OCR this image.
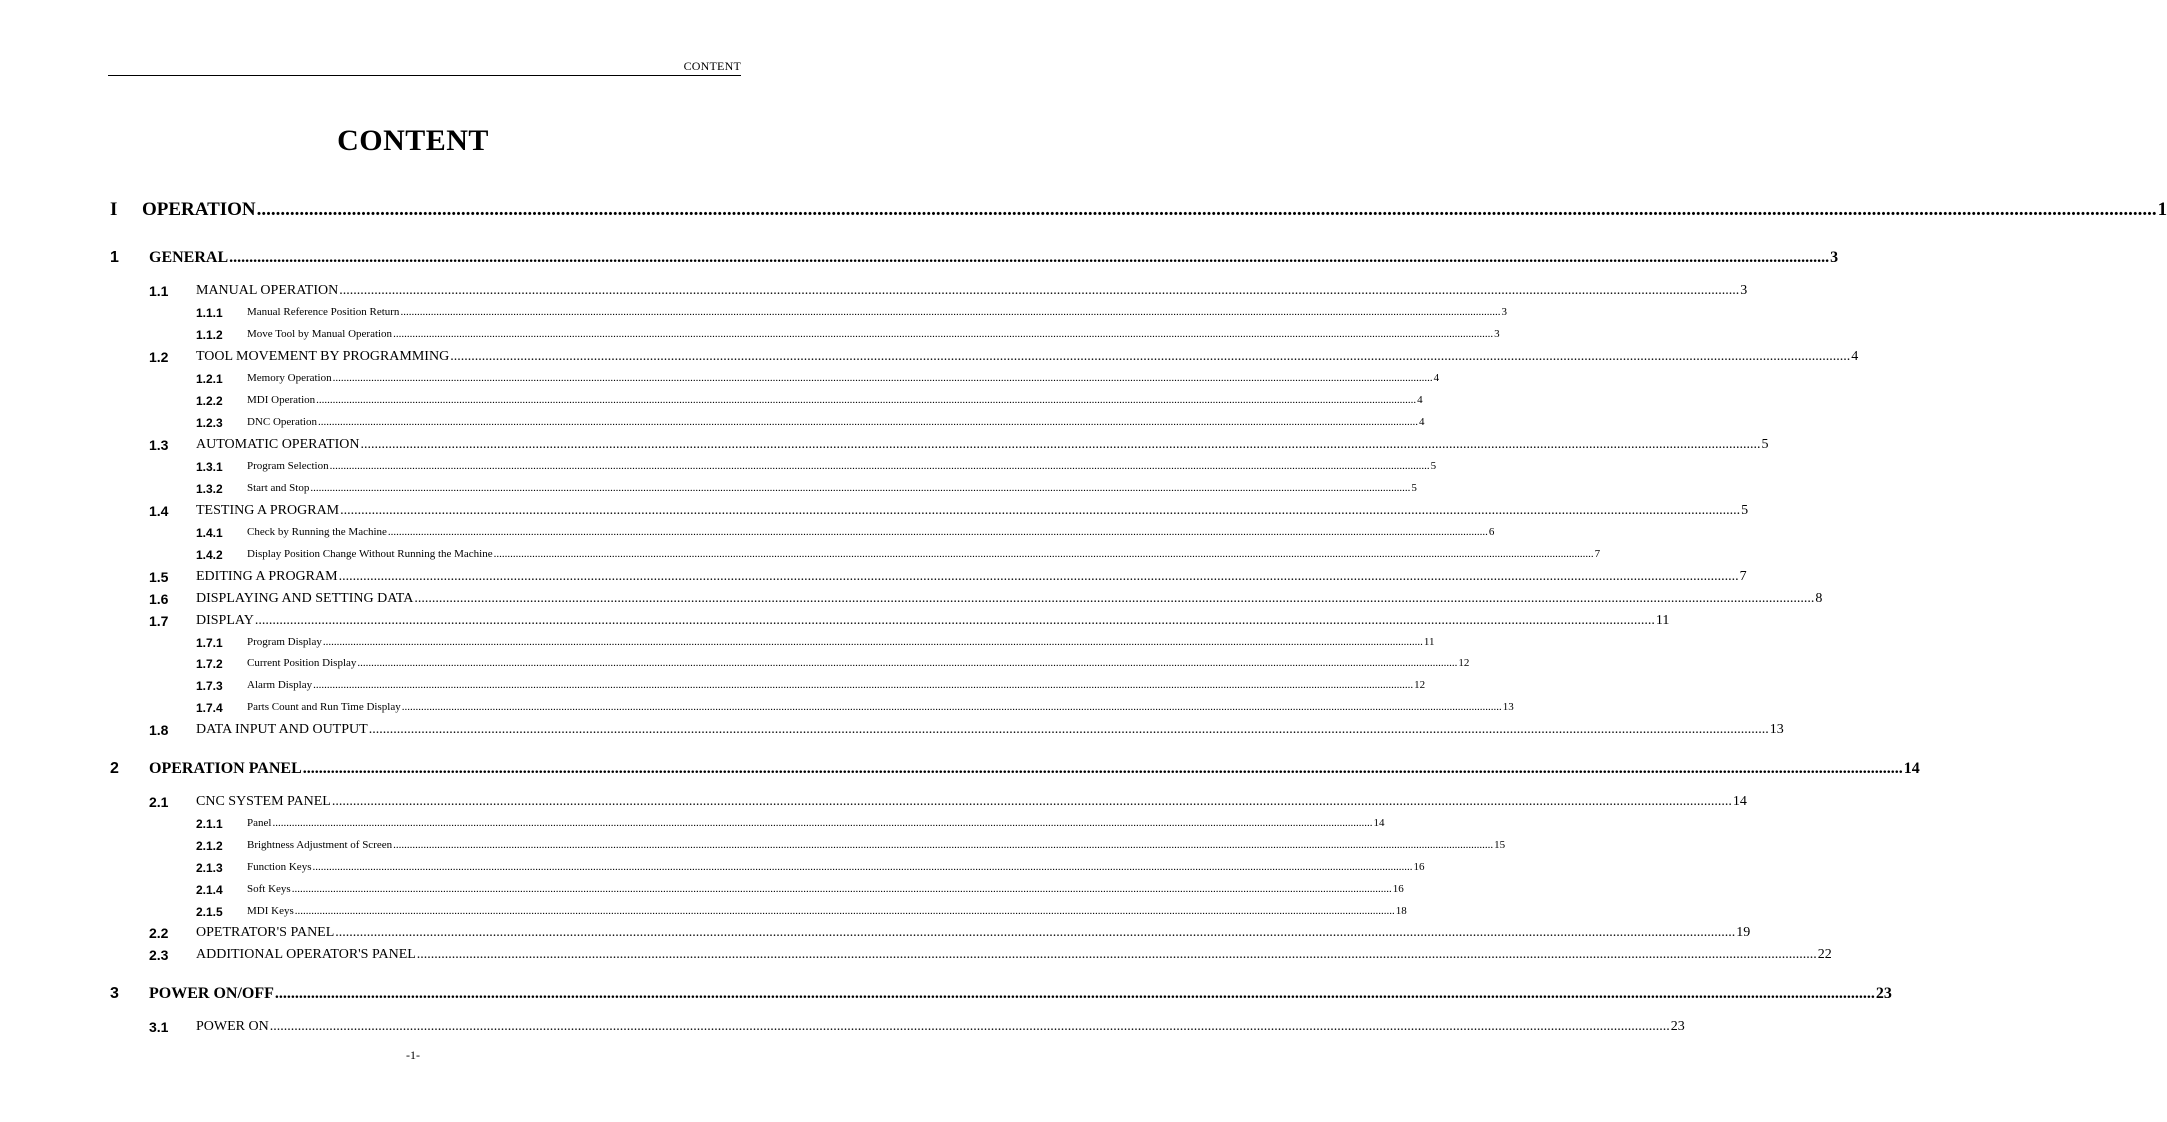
CONTENT
CONTENT
I OPERATION ................................................................................................................................................................................................................................................................................................................................................................................................................ 1
1 GENERAL ................................................................................................................................................................................................................................................................................................................................................................................................................ 3
1.1 MANUAL OPERATION ................................................................................................................................................................................................................................................................................................................................................................................................................ 3
1.1.1 Manual Reference Position Return ................................................................................................................................................................................................................................................................................................................................................................................................................ 3
1.1.2 Move Tool by Manual Operation ................................................................................................................................................................................................................................................................................................................................................................................................................ 3
1.2 TOOL MOVEMENT BY PROGRAMMING ................................................................................................................................................................................................................................................................................................................................................................................................................ 4
1.2.1 Memory Operation ................................................................................................................................................................................................................................................................................................................................................................................................................ 4
1.2.2 MDI Operation ................................................................................................................................................................................................................................................................................................................................................................................................................ 4
1.2.3 DNC Operation ................................................................................................................................................................................................................................................................................................................................................................................................................ 4
1.3 AUTOMATIC OPERATION ................................................................................................................................................................................................................................................................................................................................................................................................................ 5
1.3.1 Program Selection ................................................................................................................................................................................................................................................................................................................................................................................................................ 5
1.3.2 Start and Stop ................................................................................................................................................................................................................................................................................................................................................................................................................ 5
1.4 TESTING A PROGRAM ................................................................................................................................................................................................................................................................................................................................................................................................................ 5
1.4.1 Check by Running the Machine ................................................................................................................................................................................................................................................................................................................................................................................................................ 6
1.4.2 Display Position Change Without Running the Machine ................................................................................................................................................................................................................................................................................................................................................................................................................ 7
1.5 EDITING A PROGRAM ................................................................................................................................................................................................................................................................................................................................................................................................................ 7
1.6 DISPLAYING AND SETTING DATA ................................................................................................................................................................................................................................................................................................................................................................................................................ 8
1.7 DISPLAY ................................................................................................................................................................................................................................................................................................................................................................................................................ 11
1.7.1 Program Display ................................................................................................................................................................................................................................................................................................................................................................................................................ 11
1.7.2 Current Position Display ................................................................................................................................................................................................................................................................................................................................................................................................................ 12
1.7.3 Alarm Display ................................................................................................................................................................................................................................................................................................................................................................................................................ 12
1.7.4 Parts Count and Run Time Display ................................................................................................................................................................................................................................................................................................................................................................................................................ 13
1.8 DATA INPUT AND OUTPUT ................................................................................................................................................................................................................................................................................................................................................................................................................ 13
2 OPERATION PANEL ................................................................................................................................................................................................................................................................................................................................................................................................................ 14
2.1 CNC SYSTEM PANEL ................................................................................................................................................................................................................................................................................................................................................................................................................ 14
2.1.1 Panel ................................................................................................................................................................................................................................................................................................................................................................................................................ 14
2.1.2 Brightness Adjustment of Screen ................................................................................................................................................................................................................................................................................................................................................................................................................ 15
2.1.3 Function Keys ................................................................................................................................................................................................................................................................................................................................................................................................................ 16
2.1.4 Soft Keys ................................................................................................................................................................................................................................................................................................................................................................................................................ 16
2.1.5 MDI Keys ................................................................................................................................................................................................................................................................................................................................................................................................................ 18
2.2 OPETRATOR'S PANEL ................................................................................................................................................................................................................................................................................................................................................................................................................ 19
2.3 ADDITIONAL OPERATOR'S PANEL ................................................................................................................................................................................................................................................................................................................................................................................................................ 22
3 POWER ON/OFF ................................................................................................................................................................................................................................................................................................................................................................................................................ 23
3.1 POWER ON ................................................................................................................................................................................................................................................................................................................................................................................................................ 23
-1-
